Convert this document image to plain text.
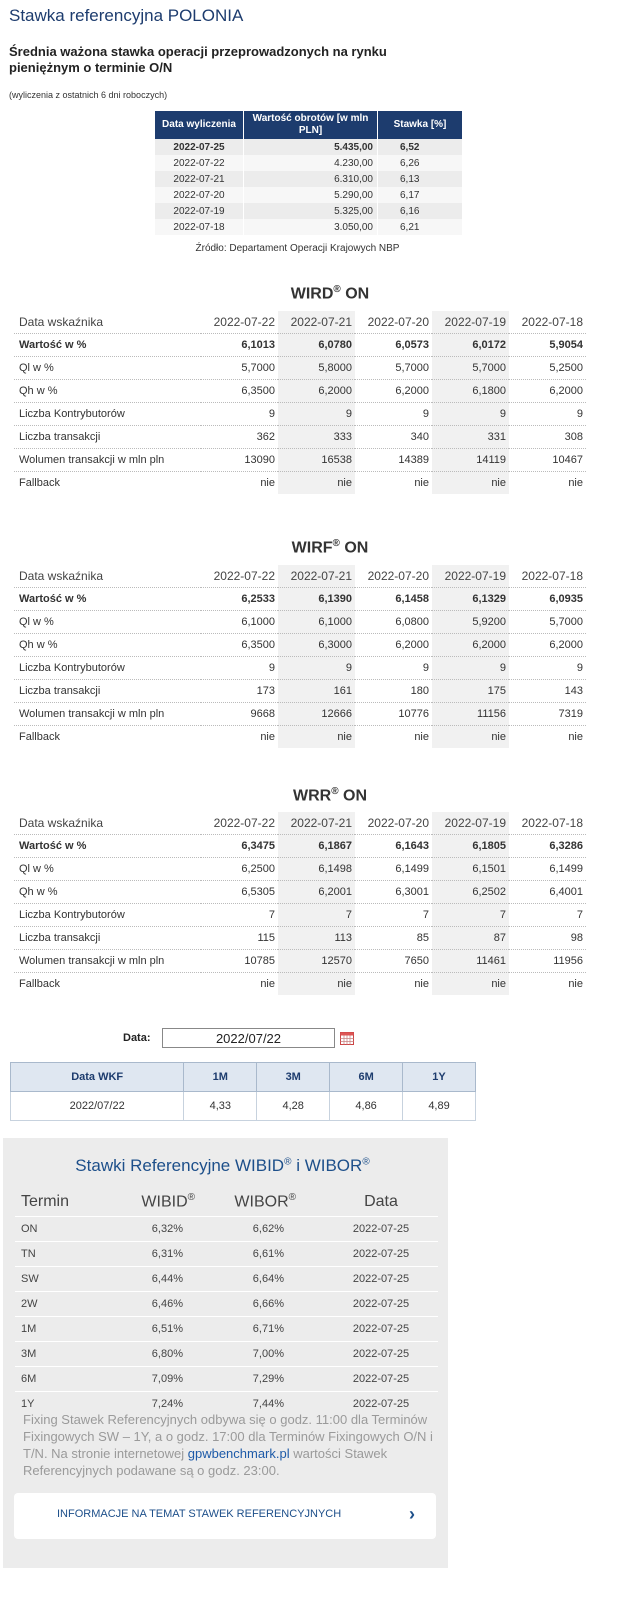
Stawka referencyjna POLONIA
Średnia ważona stawka operacji przeprowadzonych na rynku pieniężnym o terminie O/N
(wyliczenia z ostatnich 6 dni roboczych)
Data wyliczenia	Wartość obrotów [w mln PLN]	Stawka [%]
2022-07-25	5.435,00	6,52
2022-07-22	4.230,00	6,26
2022-07-21	6.310,00	6,13
2022-07-20	5.290,00	6,17
2022-07-19	5.325,00	6,16
2022-07-18	3.050,00	6,21
Źródło: Departament Operacji Krajowych NBP
WIRD® ON
Data wskaźnika	2022-07-22	2022-07-21	2022-07-20	2022-07-19	2022-07-18
Wartość w %	6,1013	6,0780	6,0573	6,0172	5,9054
Ql w %	5,7000	5,8000	5,7000	5,7000	5,2500
Qh w %	6,3500	6,2000	6,2000	6,1800	6,2000
Liczba Kontrybutorów	9	9	9	9	9
Liczba transakcji	362	333	340	331	308
Wolumen transakcji w mln pln	13090	16538	14389	14119	10467
Fallback	nie	nie	nie	nie	nie
WIRF® ON
Data wskaźnika	2022-07-22	2022-07-21	2022-07-20	2022-07-19	2022-07-18
Wartość w %	6,2533	6,1390	6,1458	6,1329	6,0935
Ql w %	6,1000	6,1000	6,0800	5,9200	5,7000
Qh w %	6,3500	6,3000	6,2000	6,2000	6,2000
Liczba Kontrybutorów	9	9	9	9	9
Liczba transakcji	173	161	180	175	143
Wolumen transakcji w mln pln	9668	12666	10776	11156	7319
Fallback	nie	nie	nie	nie	nie
WRR® ON
Data wskaźnika	2022-07-22	2022-07-21	2022-07-20	2022-07-19	2022-07-18
Wartość w %	6,3475	6,1867	6,1643	6,1805	6,3286
Ql w %	6,2500	6,1498	6,1499	6,1501	6,1499
Qh w %	6,5305	6,2001	6,3001	6,2502	6,4001
Liczba Kontrybutorów	7	7	7	7	7
Liczba transakcji	115	113	85	87	98
Wolumen transakcji w mln pln	10785	12570	7650	11461	11956
Fallback	nie	nie	nie	nie	nie
Data:
2022/07/22
Data WKF	1M	3M	6M	1Y
2022/07/22	4,33	4,28	4,86	4,89
Stawki Referencyjne WIBID® i WIBOR®
Termin	WIBID®	WIBOR®	Data
ON	6,32%	6,62%	2022-07-25
TN	6,31%	6,61%	2022-07-25
SW	6,44%	6,64%	2022-07-25
2W	6,46%	6,66%	2022-07-25
1M	6,51%	6,71%	2022-07-25
3M	6,80%	7,00%	2022-07-25
6M	7,09%	7,29%	2022-07-25
1Y	7,24%	7,44%	2022-07-25
Fixing Stawek Referencyjnych odbywa się o godz. 11:00 dla Terminów Fixingowych SW – 1Y, a o godz. 17:00 dla Terminów Fixingowych O/N i T/N. Na stronie internetowej gpwbenchmark.pl wartości Stawek Referencyjnych podawane są o godz. 23:00.
INFORMACJE NA TEMAT STAWEK REFERENCYJNYCH	›
